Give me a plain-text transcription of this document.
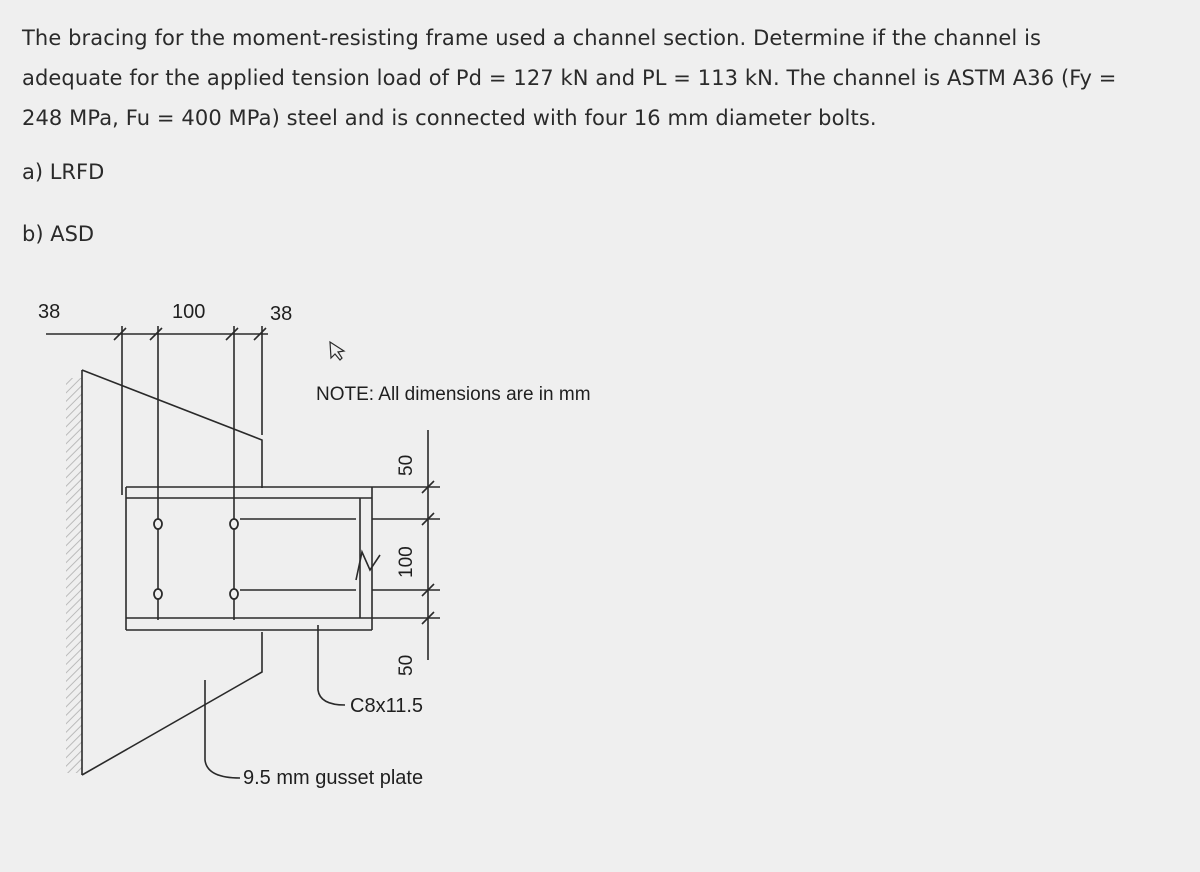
The bracing for the moment-resisting frame used a channel section. Determine if the channel is

adequate for the applied tension load of Pd = 127 kN and PL = 113 kN. The channel is ASTM A36 (Fy =

248 MPa, Fu = 400 MPa) steel and is connected with four 16 mm diameter bolts.

a) LRFD
b) ASD
38	100	38
NOTE: All dimensions are in mm
50
100
50
C8x11.5
9.5 mm gusset plate
